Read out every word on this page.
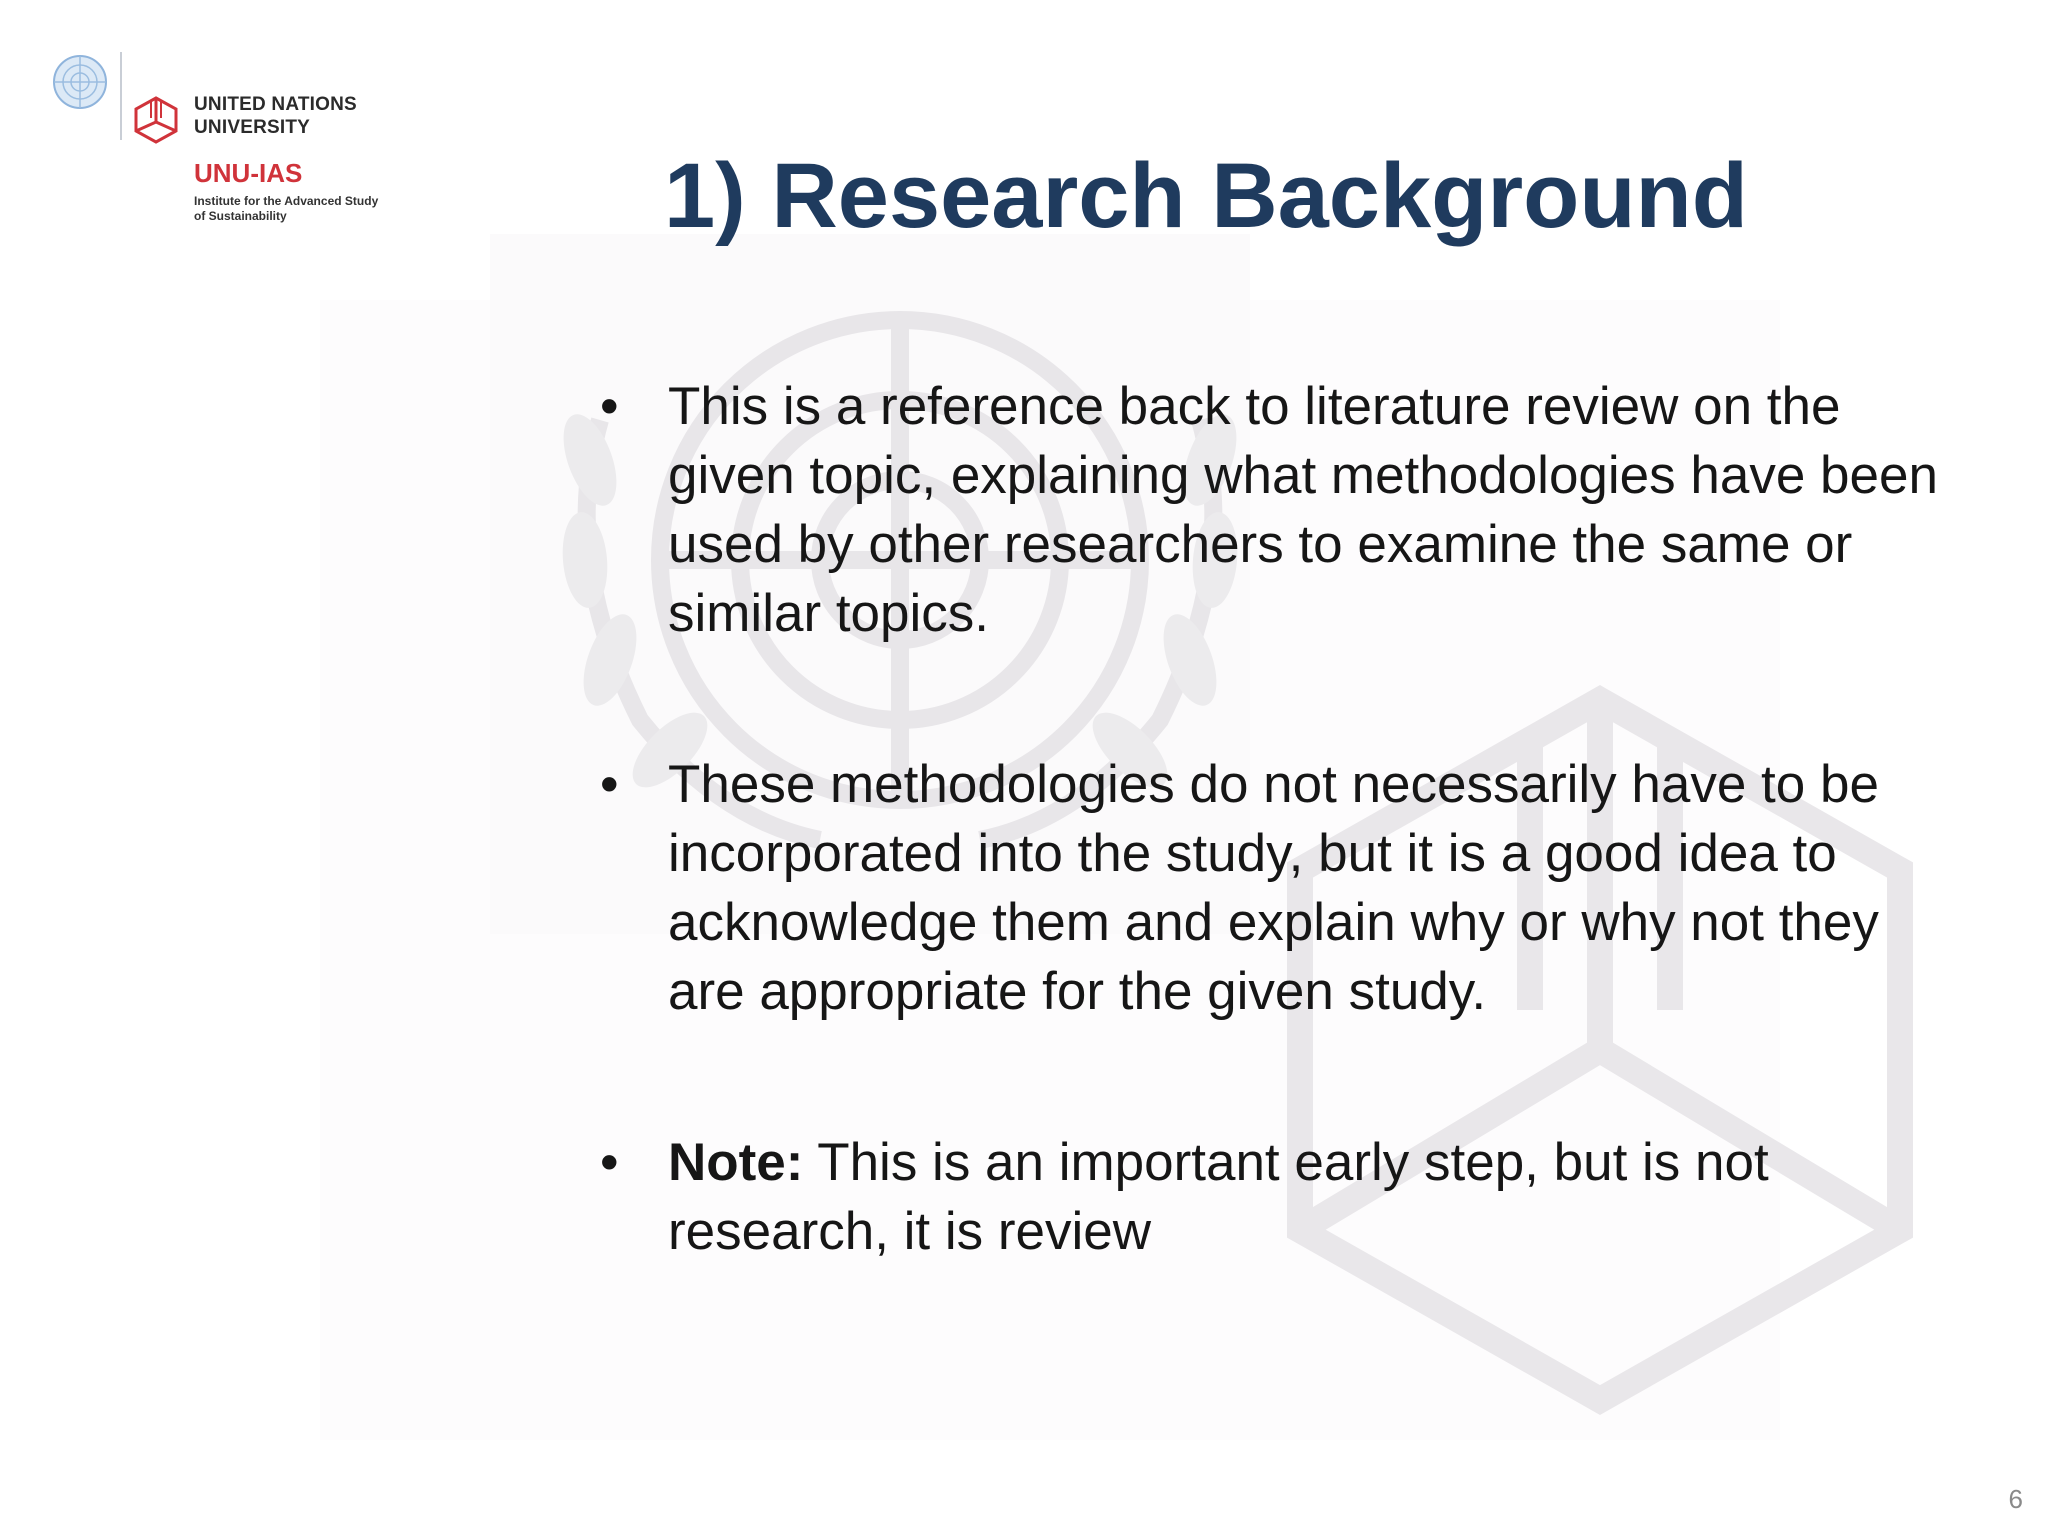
UNITED NATIONS
UNIVERSITY
UNU-IAS
Institute for the Advanced Study
of Sustainability	1) Research Background
• This is a reference back to literature review on the given topic, explaining what methodologies have been used by other researchers to examine the same or similar topics.
• These methodologies do not necessarily have to be incorporated into the study, but it is a good idea to acknowledge them and explain why or why not they are appropriate for the given study.
• Note: This is an important early step, but is not research, it is review
6
